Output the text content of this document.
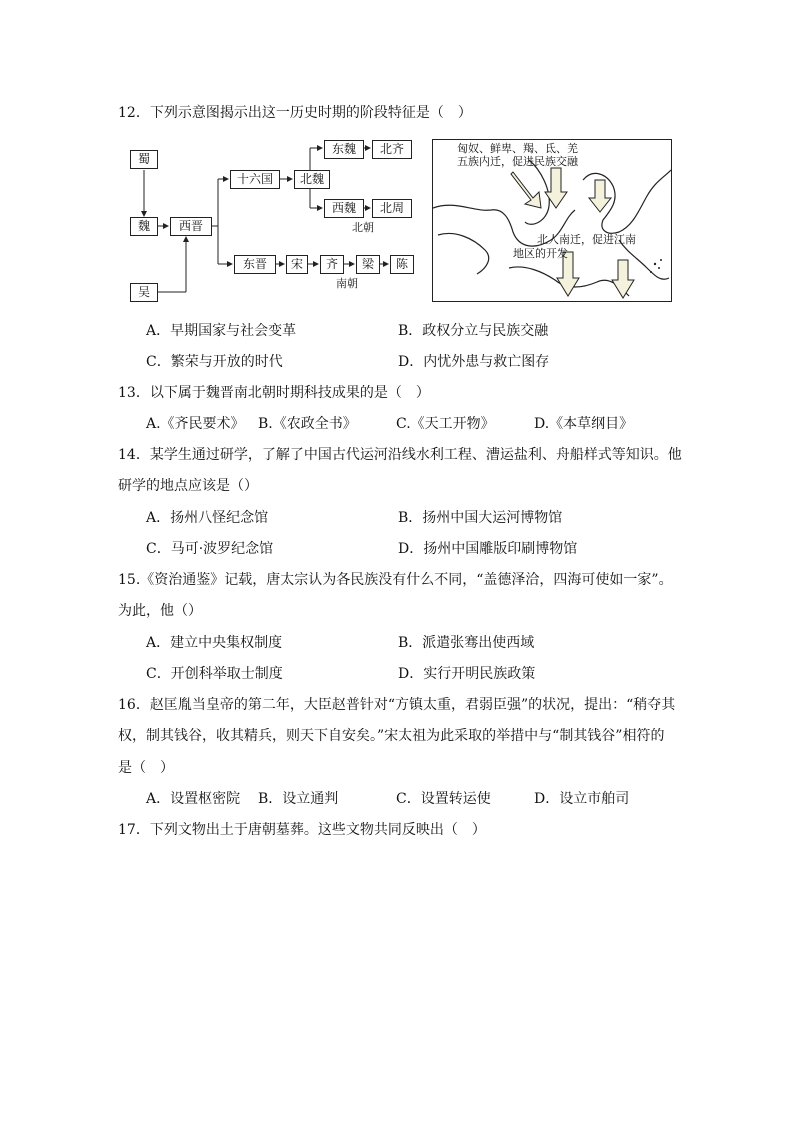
12．下列示意图揭示出这一历史时期的阶段特征是（　）
蜀
魏
吴
西晋
十六国	北魏
东魏	北齐
西魏	北周
北朝
东晋	宋	齐	梁	陈
南朝
匈奴、鲜卑、羯、氐、羌
五族内迁，促进民族交融
北人南迁，促进江南
地区的开发
A．早期国家与社会变革	B．政权分立与民族交融
C．繁荣与开放的时代	D．内忧外患与救亡图存
13．以下属于魏晋南北朝时期科技成果的是（　）
A.《齐民要术》 B.《农政全书》	C.《天工开物》	D.《本草纲目》
14．某学生通过研学，了解了中国古代运河沿线水利工程、漕运盐利、舟船样式等知识。他
研学的地点应该是（）
A．扬州八怪纪念馆	B．扬州中国大运河博物馆
C．马可·波罗纪念馆	D．扬州中国雕版印刷博物馆
15.《资治通鉴》记载，唐太宗认为各民族没有什么不同，“盖德泽洽，四海可使如一家”。
为此，他（）
A．建立中央集权制度	B．派遣张骞出使西域
C．开创科举取士制度	D．实行开明民族政策
16．赵匡胤当皇帝的第二年，大臣赵普针对“方镇太重，君弱臣强”的状况，提出：“稍夺其
权，制其钱谷，收其精兵，则天下自安矣。”宋太祖为此采取的举措中与“制其钱谷”相符的
是（　）
A．设置枢密院 B．设立通判	C．设置转运使	D．设立市舶司
17．下列文物出土于唐朝墓葬。这些文物共同反映出（　）
